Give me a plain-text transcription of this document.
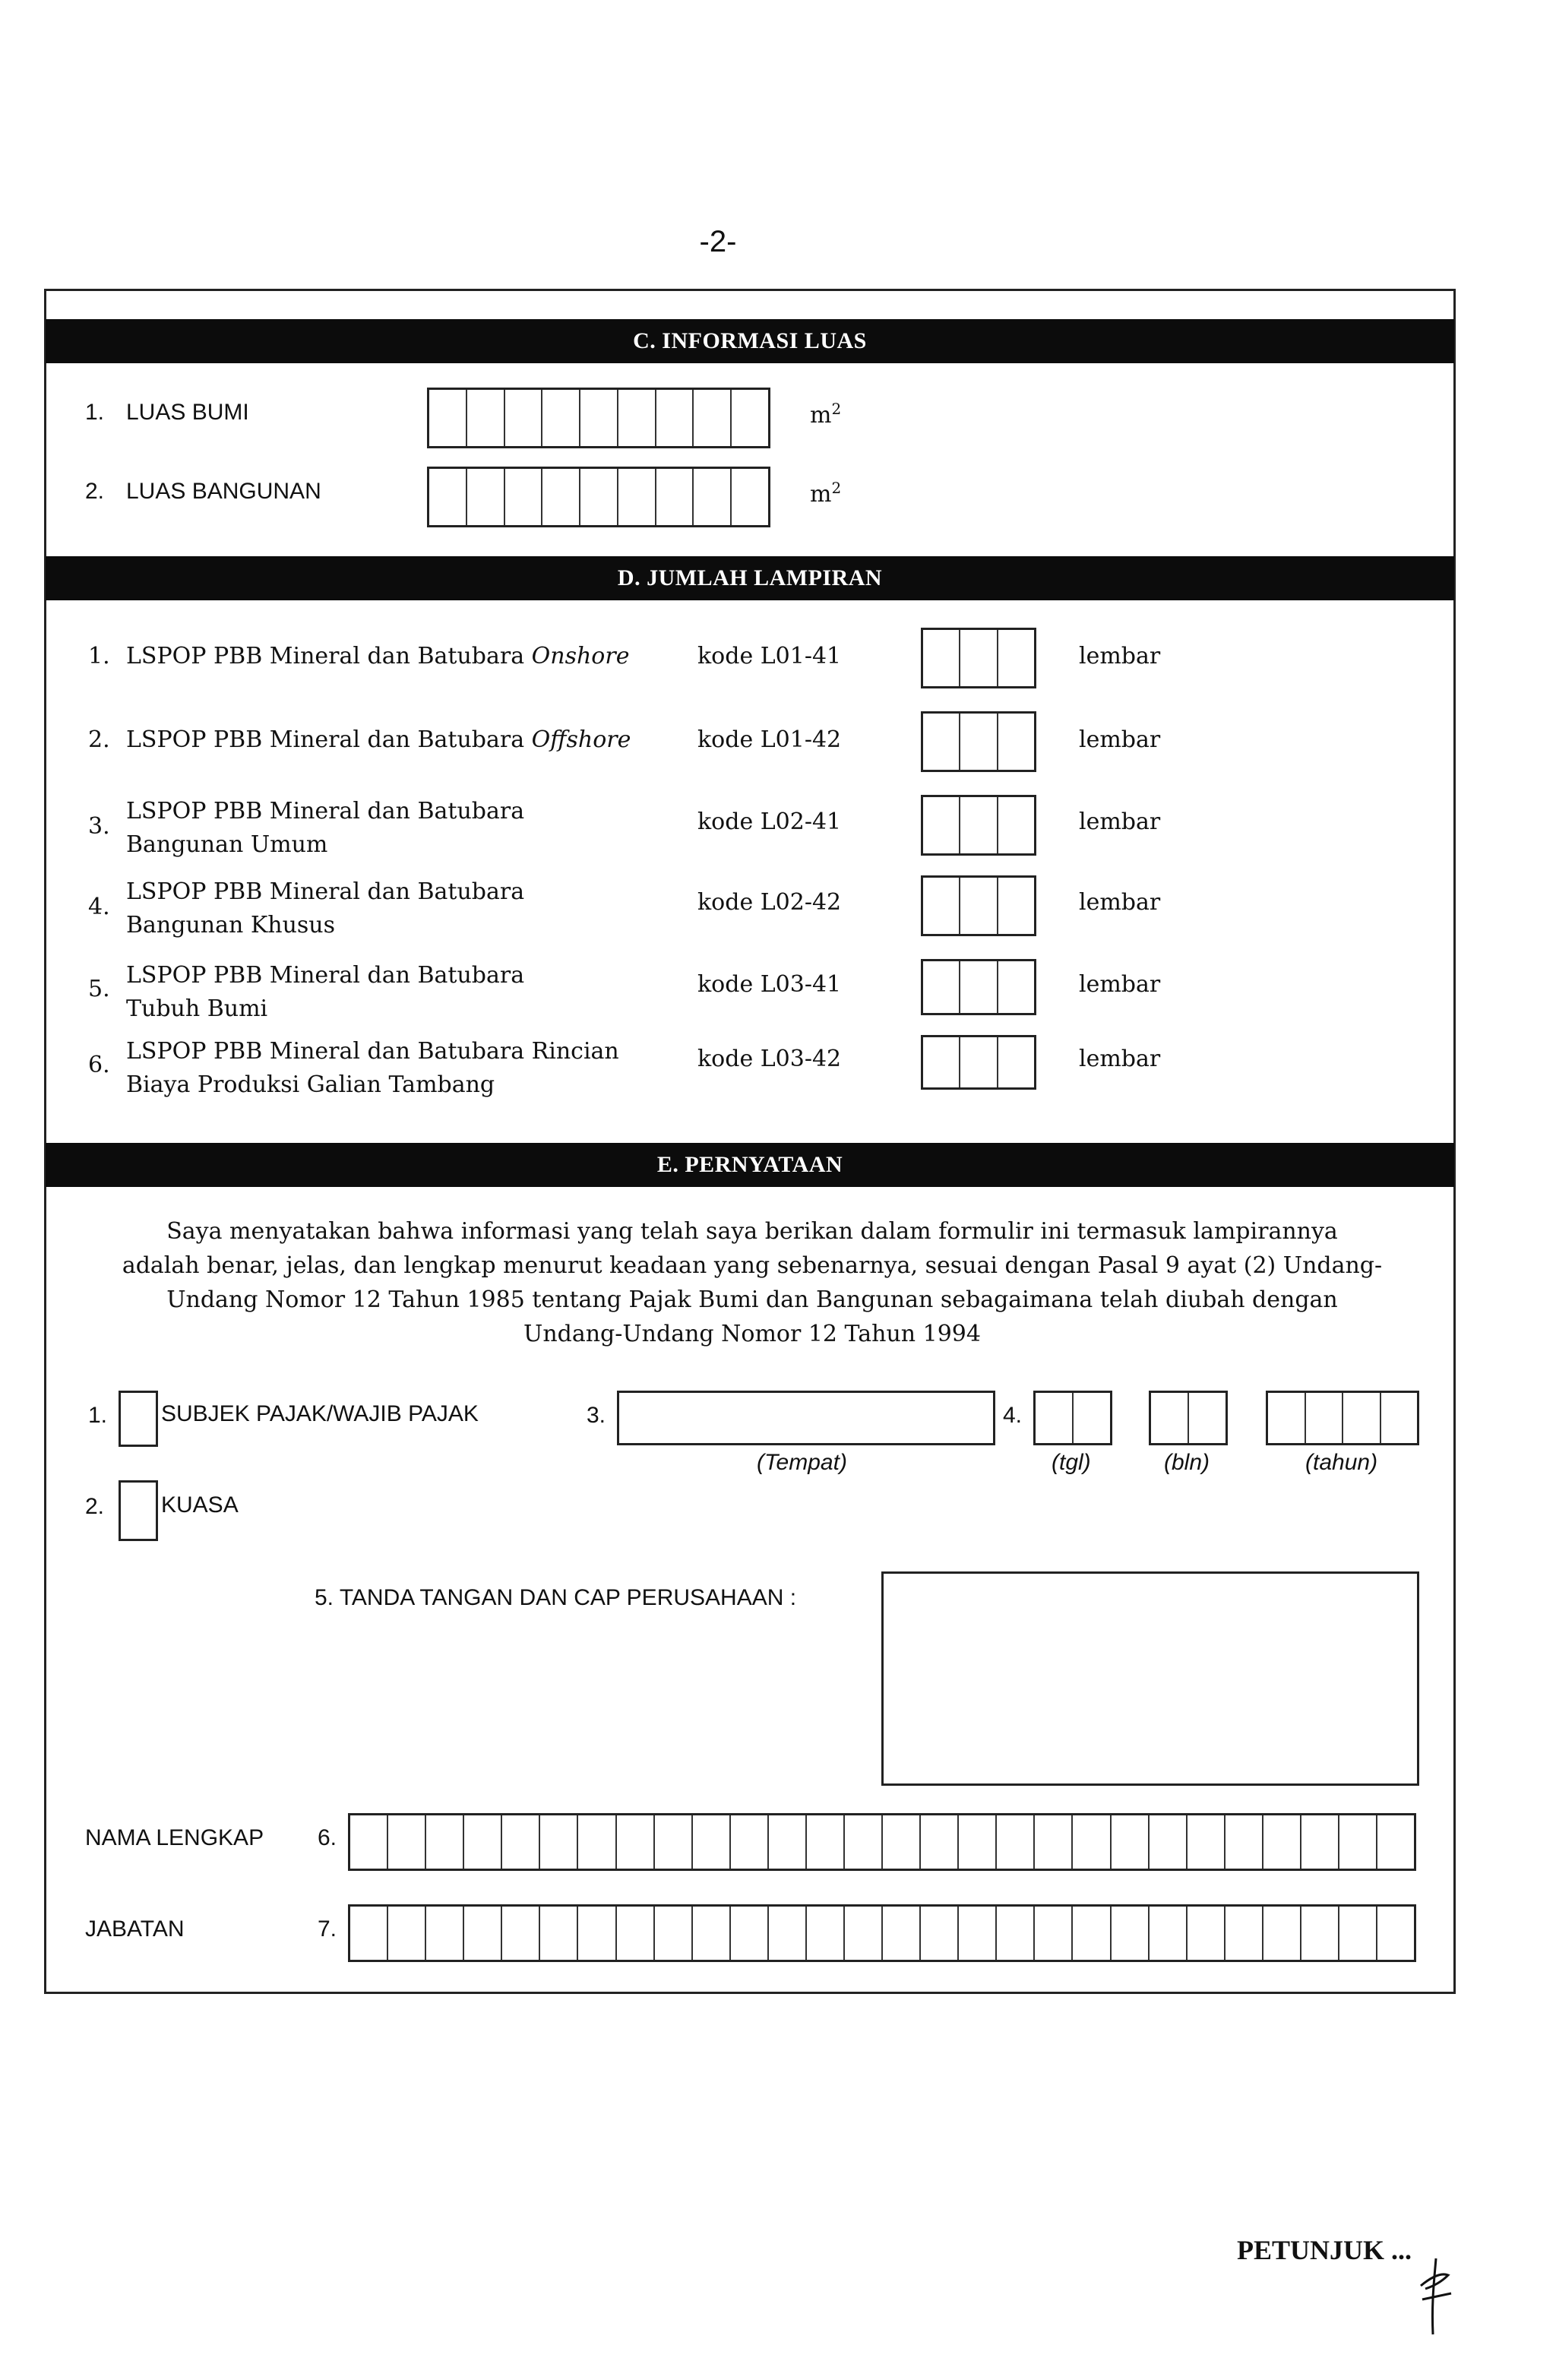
-2-
C. INFORMASI LUAS
1. LUAS BUMI	$m^2$
2. LUAS BANGUNAN	$m^2$
D. JUMLAH LAMPIRAN
1. LSPOP PBB Mineral dan Batubara Onshore	kode L01-41	lembar
2. LSPOP PBB Mineral dan Batubara Offshore	kode L01-42	lembar
3.
LSPOP PBB Mineral dan Batubara
Bangunan Umum
kode L02-41	lembar
4.
LSPOP PBB Mineral dan Batubara
Bangunan Khusus
kode L02-42	lembar
5.
LSPOP PBB Mineral dan Batubara
Tubuh Bumi
kode L03-41	lembar
6.
LSPOP PBB Mineral dan Batubara Rincian
Biaya Produksi Galian Tambang
kode L03-42	lembar
E. PERNYATAAN
Saya menyatakan bahwa informasi yang telah saya berikan dalam formulir ini termasuk lampirannya
adalah benar, jelas, dan lengkap menurut keadaan yang sebenarnya, sesuai dengan Pasal 9 ayat (2) Undang-
Undang Nomor 12 Tahun 1985 tentang Pajak Bumi dan Bangunan sebagaimana telah diubah dengan
Undang-Undang Nomor 12 Tahun 1994
1. SUBJEK PAJAK/WAJIB PAJAK	3.
(Tempat)
4.
(tgl)	(bln)	(tahun)
2. KUASA
5. TANDA TANGAN DAN CAP PERUSAHAAN :
NAMA LENGKAP 6.
JABATAN	7.
PETUNJUK ...
